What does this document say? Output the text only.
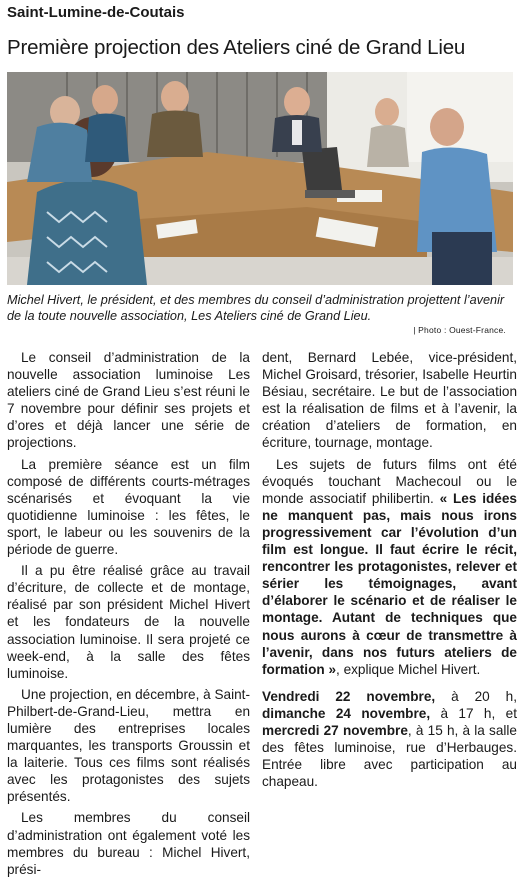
Saint-Lumine-de-Coutais
Première projection des Ateliers ciné de Grand Lieu
Michel Hivert, le président, et des membres du conseil d’administration projettent l’avenir de la toute nouvelle association, Les Ateliers ciné de Grand Lieu.
| Photo : Ouest-France.

Le conseil d’administration de la nouvelle association luminoise Les ateliers ciné de Grand Lieu s’est réuni le 7 novembre pour définir ses projets et d’ores et déjà lancer une série de projections.

La première séance est un film composé de différents courts-métrages scénarisés et évoquant la vie quotidienne luminoise : les fêtes, le sport, le labeur ou les souvenirs de la période de guerre.

Il a pu être réalisé grâce au travail d’écriture, de collecte et de montage, réalisé par son président Michel Hivert et les fondateurs de la nouvelle association luminoise. Il sera projeté ce week-end, à la salle des fêtes luminoise.

Une projection, en décembre, à Saint-Philbert-de-Grand-Lieu, mettra en lumière des entreprises locales marquantes, les transports Groussin et la laiterie. Tous ces films sont réalisés avec les protagonistes des sujets présentés.

Les membres du conseil d’administration ont également voté les membres du bureau : Michel Hivert, prési-

dent, Bernard Lebée, vice-président, Michel Groisard, trésorier, Isabelle Heurtin Bésiau, secrétaire. Le but de l’association est la réalisation de films et à l’avenir, la création d’ateliers de formation, en écriture, tournage, montage.

Les sujets de futurs films ont été évoqués touchant Machecoul ou le monde associatif philibertin. « Les idées ne manquent pas, mais nous irons progressivement car l’évolution d’un film est longue. Il faut écrire le récit, rencontrer les protagonistes, relever et sérier les témoignages, avant d’élaborer le scénario et de réaliser le montage. Autant de techniques que nous aurons à cœur de transmettre à l’avenir, dans nos futurs ateliers de formation », explique Michel Hivert.

Vendredi 22 novembre, à 20 h, dimanche 24 novembre, à 17 h, et mercredi 27 novembre, à 15 h, à la salle des fêtes luminoise, rue d’Herbauges. Entrée libre avec participation au chapeau.
